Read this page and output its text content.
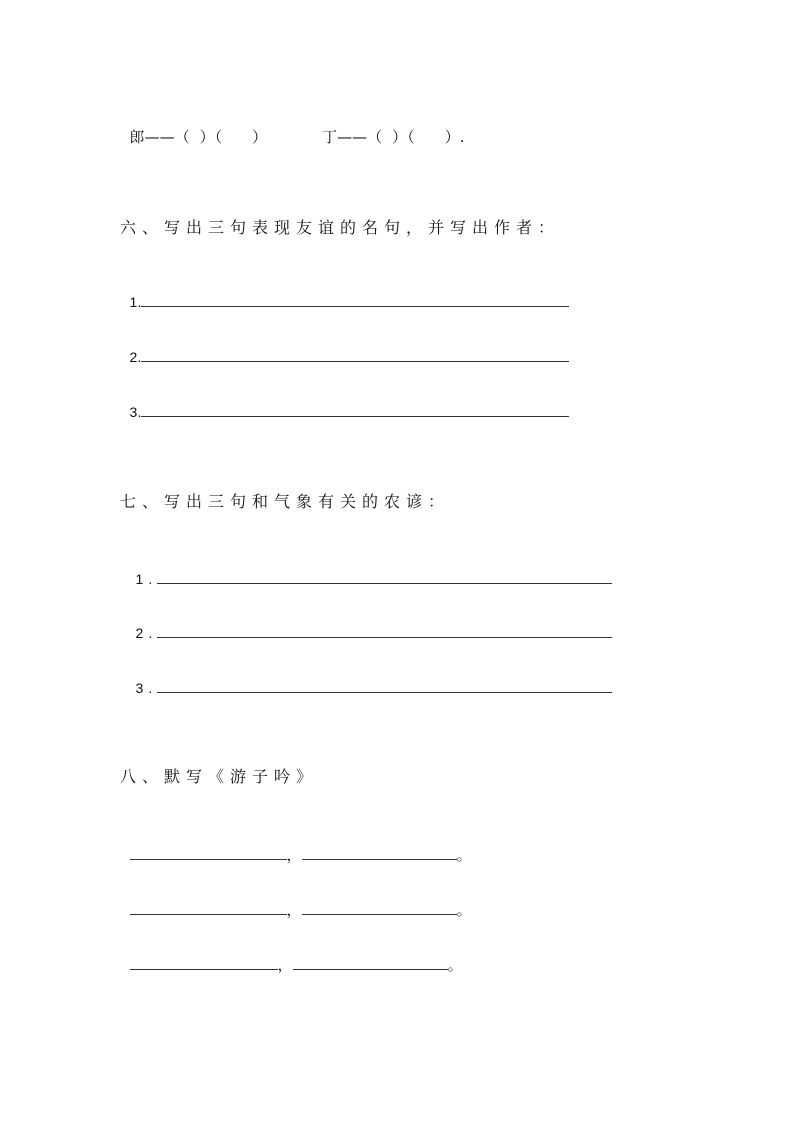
郎——（ ）（ ）	丁——（ ）（ ）.

六、写出三句表现友谊的名句，并写出作者：

1.

2.

3.

七、写出三句和气象有关的农谚：

1.

2.

3.

八、默写《游子吟》

，	。

，	。

，	。
